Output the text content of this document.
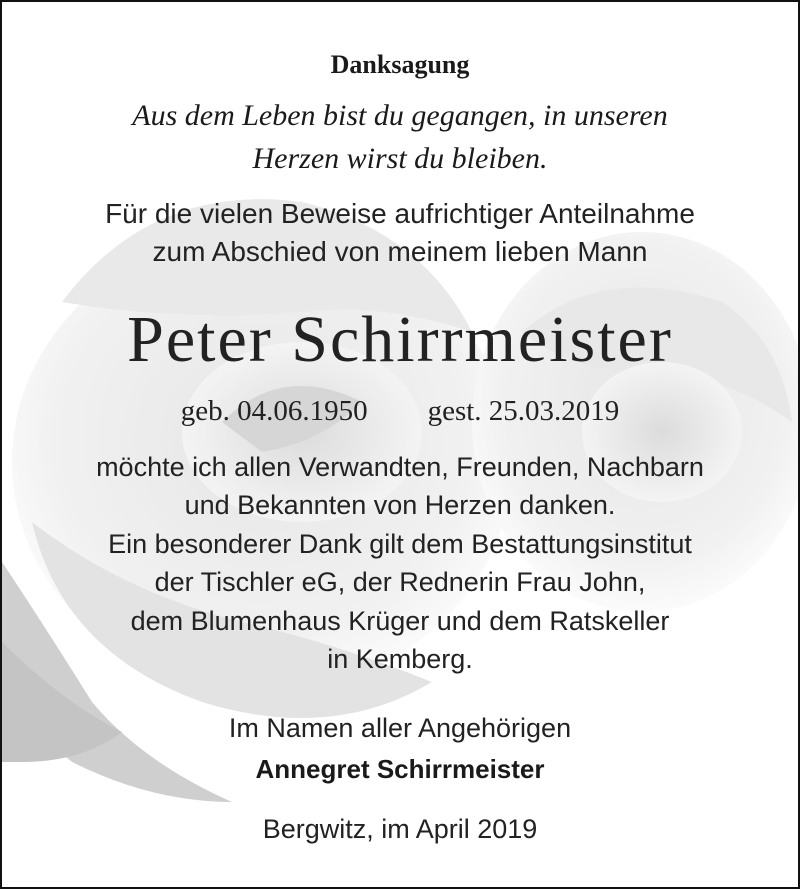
Danksagung
Aus dem Leben bist du gegangen, in unseren
Herzen wirst du bleiben.
Für die vielen Beweise aufrichtiger Anteilnahme
zum Abschied von meinem lieben Mann
Peter Schirrmeister
geb. 04.06.1950 gest. 25.03.2019
möchte ich allen Verwandten, Freunden, Nachbarn
und Bekannten von Herzen danken.
Ein besonderer Dank gilt dem Bestattungsinstitut
der Tischler eG, der Rednerin Frau John,
dem Blumenhaus Krüger und dem Ratskeller
in Kemberg.
Im Namen aller Angehörigen
Annegret Schirrmeister
Bergwitz, im April 2019
